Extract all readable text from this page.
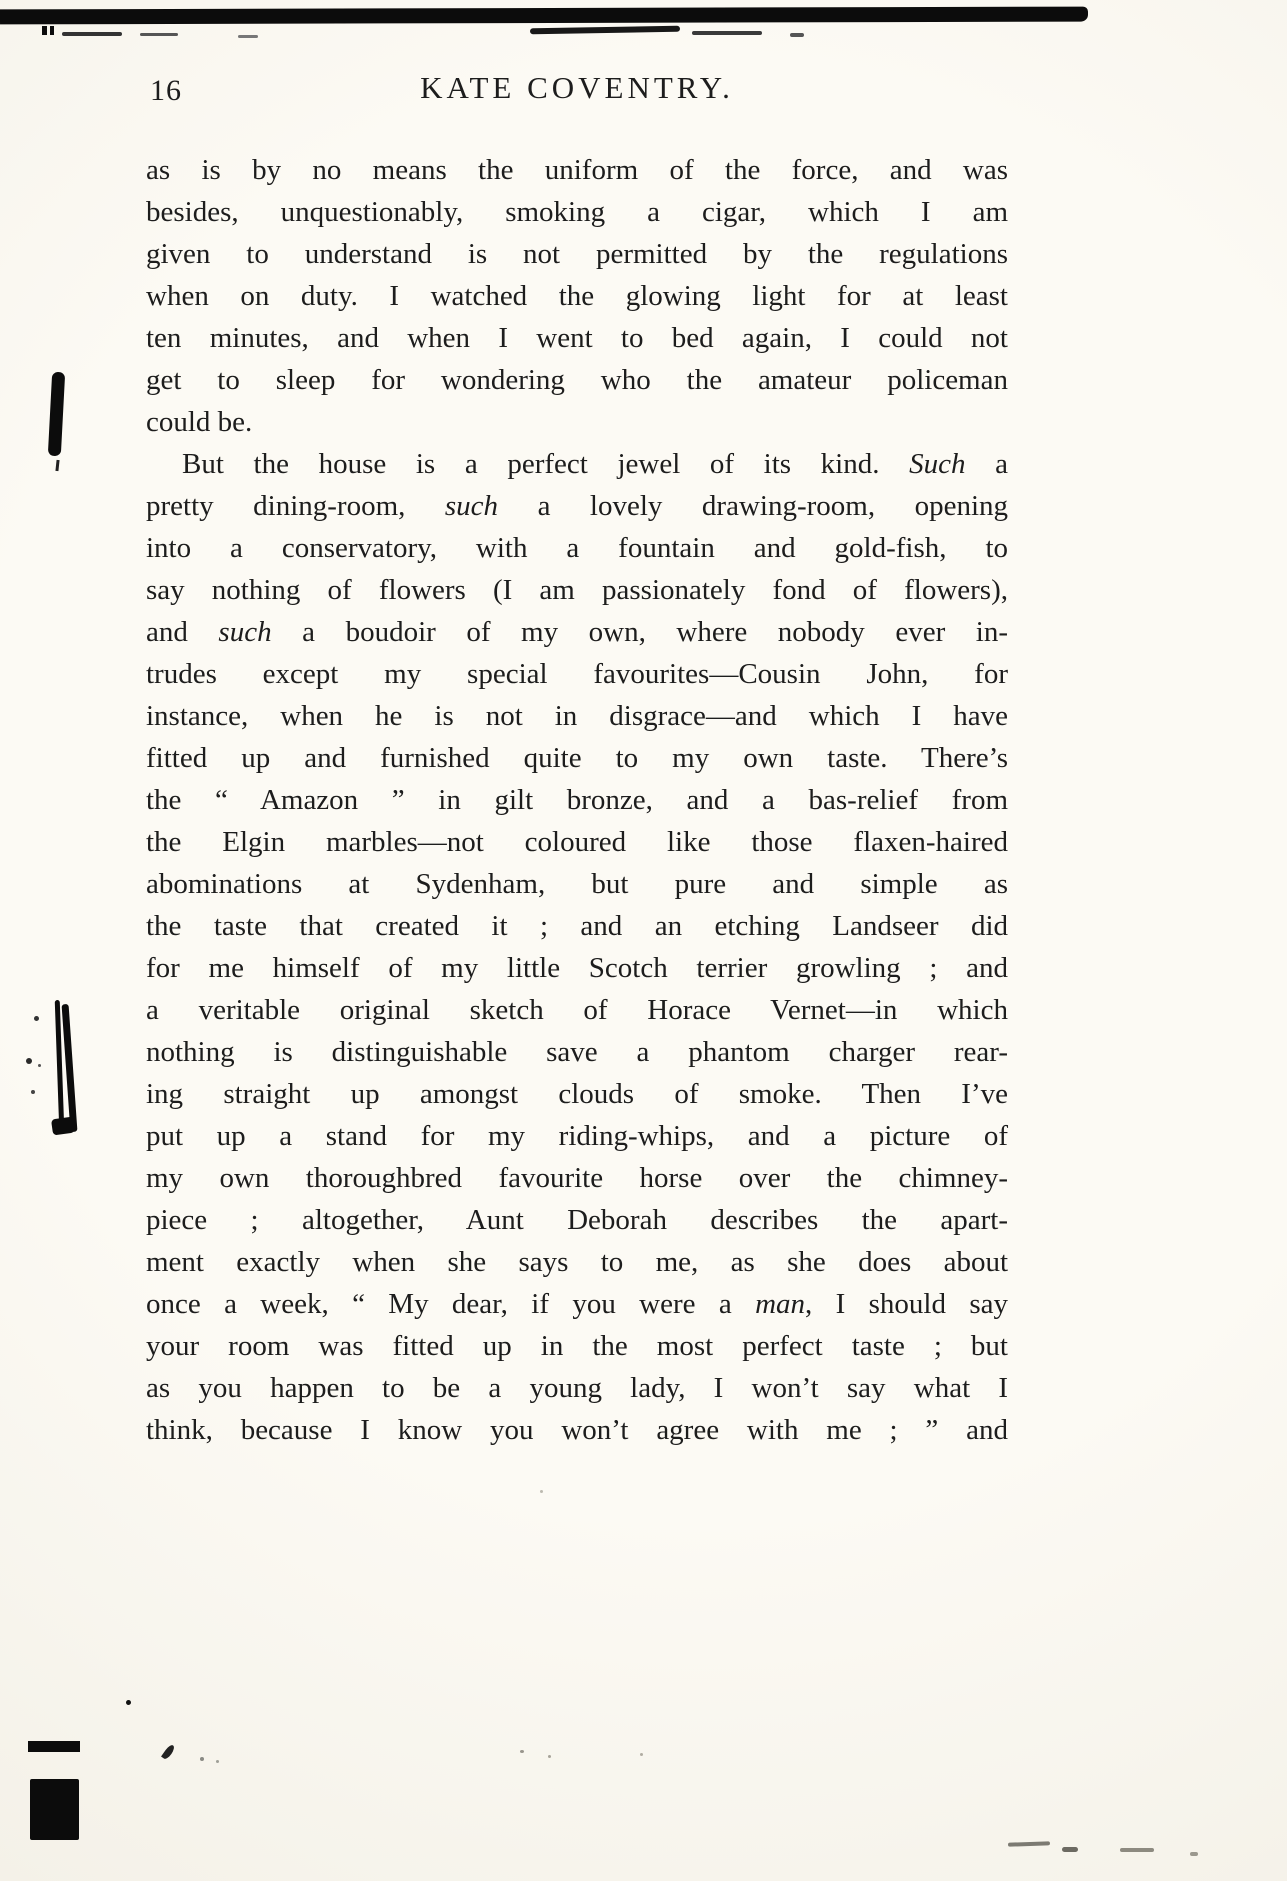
16	KATE COVENTRY.
as is by no means the uniform of the force, and was
besides, unquestionably, smoking a cigar, which I am
given to understand is not permitted by the regulations
when on duty. I watched the glowing light for at least
ten minutes, and when I went to bed again, I could not
get to sleep for wondering who the amateur policeman
could be.
But the house is a perfect jewel of its kind. Such a
pretty dining-room, such a lovely drawing-room, opening
into a conservatory, with a fountain and gold-fish, to
say nothing of flowers (I am passionately fond of flowers),
and such a boudoir of my own, where nobody ever in-
trudes except my special favourites—Cousin John, for
instance, when he is not in disgrace—and which I have
fitted up and furnished quite to my own taste. There’s
the “ Amazon ” in gilt bronze, and a bas-relief from
the Elgin marbles—not coloured like those flaxen-haired
abominations at Sydenham, but pure and simple as
the taste that created it ; and an etching Landseer did
for me himself of my little Scotch terrier growling ; and
a veritable original sketch of Horace Vernet—in which
nothing is distinguishable save a phantom charger rear-
ing straight up amongst clouds of smoke. Then I’ve
put up a stand for my riding-whips, and a picture of
my own thoroughbred favourite horse over the chimney-
piece ; altogether, Aunt Deborah describes the apart-
ment exactly when she says to me, as she does about
once a week, “ My dear, if you were a man, I should say
your room was fitted up in the most perfect taste ; but
as you happen to be a young lady, I won’t say what I
think, because I know you won’t agree with me ; ” and
